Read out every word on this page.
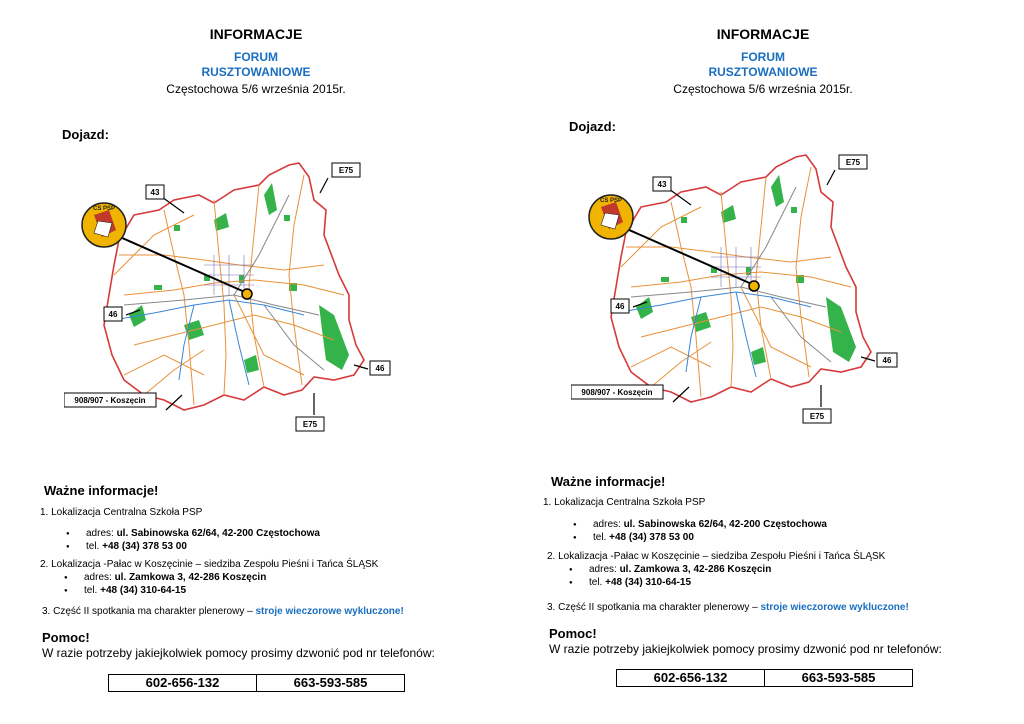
INFORMACJE
FORUM
RUSZTOWANIOWE
Częstochowa 5/6 września 2015r.
Dojazd:
CS PSP
E75
43
46
46
908/907 - Koszęcin
E75
Ważne informacje!
1. Lokalizacja Centralna Szkoła PSP
● adres: ul. Sabinowska 62/64, 42-200 Częstochowa
● tel. +48 (34) 378 53 00
2. Lokalizacja -Pałac w Koszęcinie – siedziba Zespołu Pieśni i Tańca ŚLĄSK
● adres: ul. Zamkowa 3, 42-286 Koszęcin
● tel. +48 (34) 310-64-15
3. Część II spotkania ma charakter plenerowy – stroje wieczorowe wykluczone!
Pomoc!
W razie potrzeby jakiejkolwiek pomocy prosimy dzwonić pod nr telefonów:
602-656-132	663-593-585
INFORMACJE
FORUM
RUSZTOWANIOWE
Częstochowa 5/6 września 2015r.
Dojazd:
CS PSP
E75
43
46
46
908/907 - Koszęcin
E75
Ważne informacje!
1. Lokalizacja Centralna Szkoła PSP
● adres: ul. Sabinowska 62/64, 42-200 Częstochowa
● tel. +48 (34) 378 53 00
2. Lokalizacja -Pałac w Koszęcinie – siedziba Zespołu Pieśni i Tańca ŚLĄSK
● adres: ul. Zamkowa 3, 42-286 Koszęcin
● tel. +48 (34) 310-64-15
3. Część II spotkania ma charakter plenerowy – stroje wieczorowe wykluczone!
Pomoc!
W razie potrzeby jakiejkolwiek pomocy prosimy dzwonić pod nr telefonów:
602-656-132	663-593-585
